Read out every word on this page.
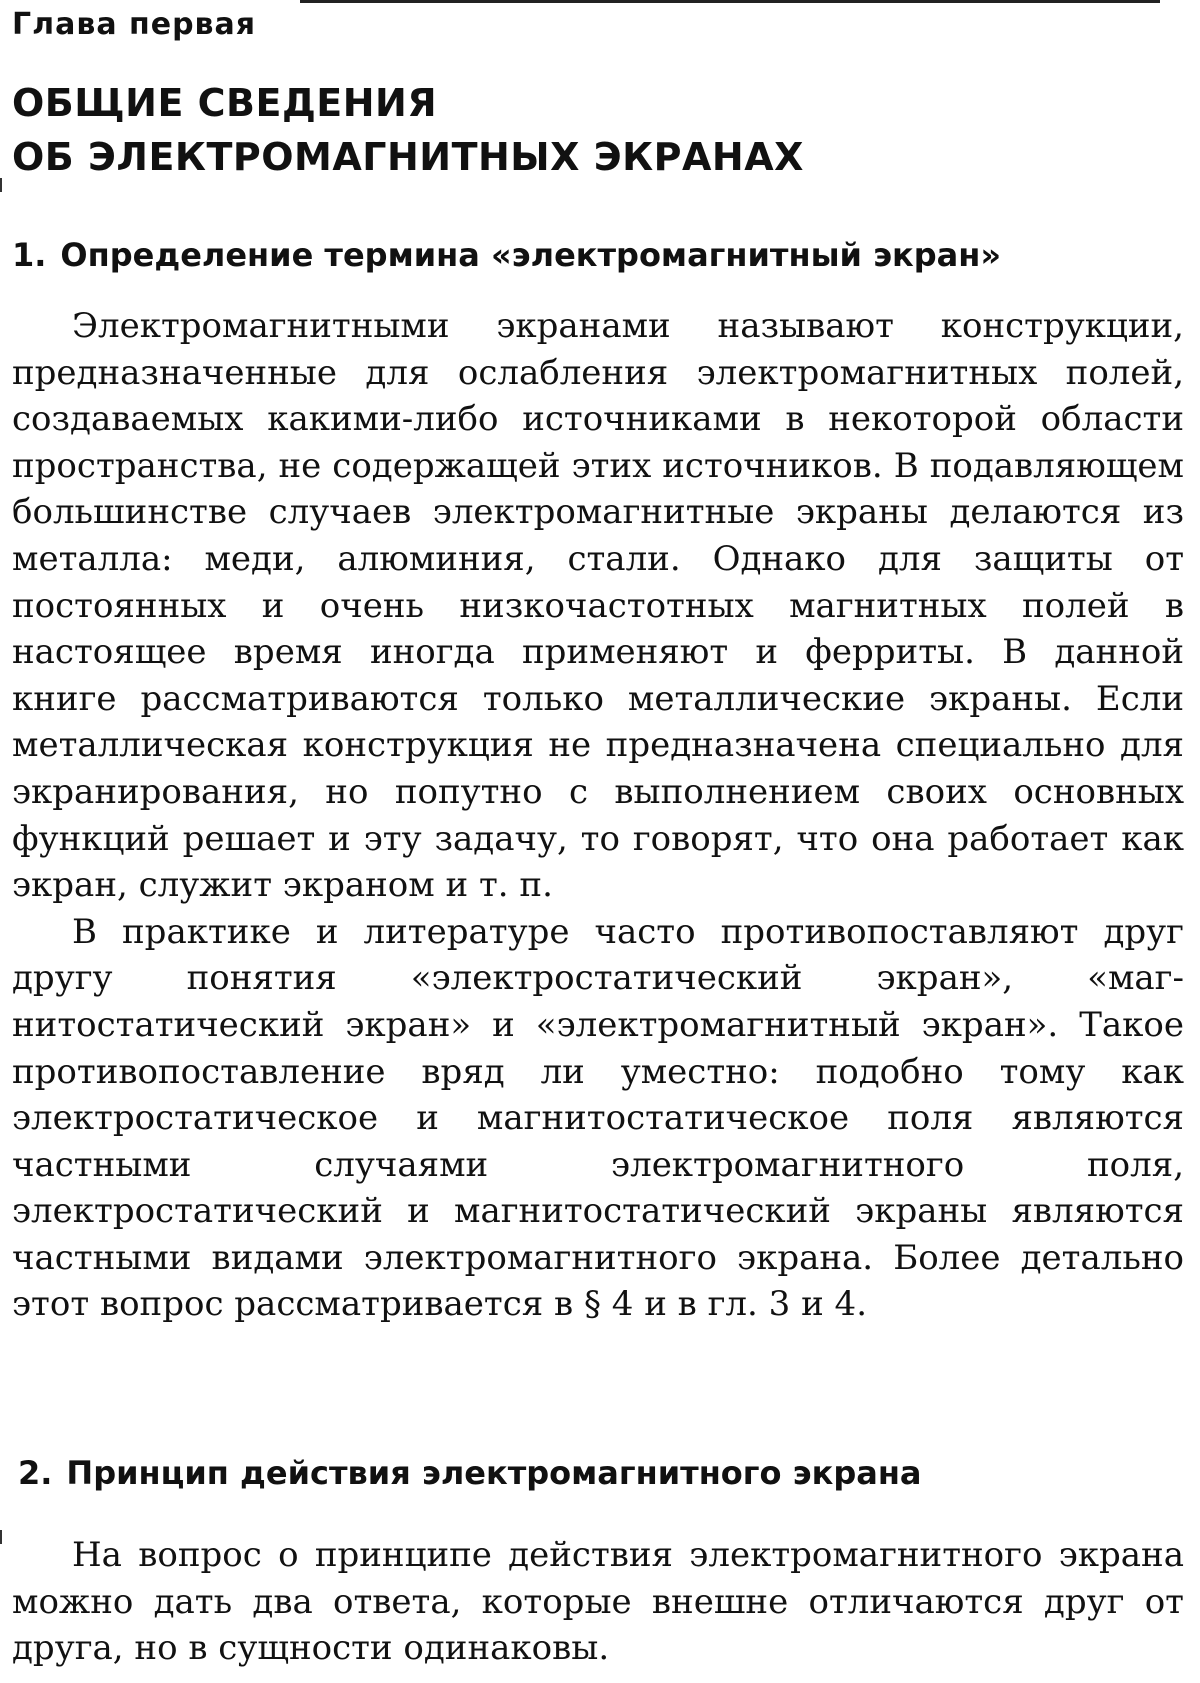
Глава первая
ОБЩИЕ СВЕДЕНИЯ
ОБ ЭЛЕКТРОМАГНИТНЫХ ЭКРАНАХ
1. Определение термина «электромагнитный экран»

Электромагнитными экранами называют конструкции, предназначенные для ослабления электромагнитных полей, создаваемых какими-либо источниками в некоторой области пространства, не содержащей этих источников. В подавляющем большинстве случаев электромагнитные экраны делаются из металла: меди, алюминия, стали. Однако для защиты от постоянных и очень низкочастотных магнитных полей в настоящее время иногда применяют и ферриты. В данной книге рассматриваются только металлические экраны. Если металлическая конструкция не предназначена специально для экранирования, но попутно с выполнением своих основных функций решает и эту задачу, то говорят, что она работает как экран, служит экраном и т. п.

В практике и литературе часто противопоставляют друг другу понятия «электростатический экран», «магнитостатический экран» и «электромагнитный экран». Такое противопоставление вряд ли уместно: подобно тому как электростатическое и магнитостатическое поля являются частными случаями электромагнитного поля, электростатический и магнитостатический экраны являются частными видами электромагнитного экрана. Более детально этот вопрос рассматривается в § 4 и в гл. 3 и 4.

2. Принцип действия электромагнитного экрана

На вопрос о принципе действия электромагнитного экрана можно дать два ответа, которые внешне отличаются друг от друга, но в сущности одинаковы.
